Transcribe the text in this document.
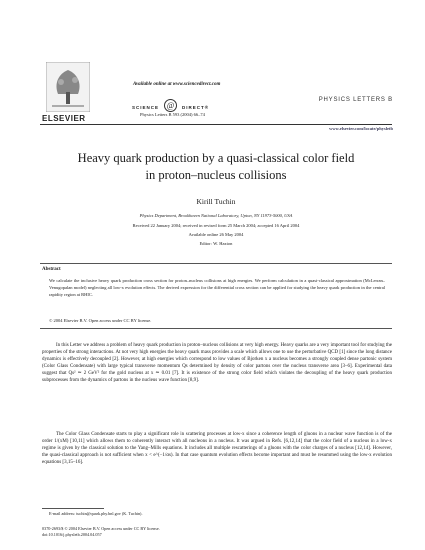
ELSEVIER
Available online at www.sciencedirect.com
SCIENCE @ DIRECT®
Physics Letters B 593 (2004) 66–74
PHYSICS LETTERS B
www.elsevier.com/locate/physletb
Heavy quark production by a quasi-classical color field
in proton–nucleus collisions
Kirill Tuchin
Physics Department, Brookhaven National Laboratory, Upton, NY 11973-5000, USA
Received 22 January 2004; received in revised form 25 March 2004; accepted 16 April 2004
Available online 26 May 2004
Editor: W. Haxton
Abstract
We calculate the inclusive heavy quark production cross section for proton–nucleus collisions at high energies. We perform calculation in a quasi-classical approximation (McLerran–Venugopalan model) neglecting all low-x evolution effects. The derived expression for the differential cross section can be applied for studying the heavy quark production in the central rapidity region at RHIC.
© 2004 Elsevier B.V. Open access under CC BY license.
In this Letter we address a problem of heavy quark production in proton–nucleus collisions at very high energy. Heavy quarks are a very important tool for studying the properties of the strong interactions. At not very high energies the heavy quark mass provides a scale which allows one to use the perturbative QCD [1] since the long distance dynamics is effectively decoupled [2]. However, at high energies which correspond to low values of Bjorken x a nucleus becomes a strongly coupled dense partonic system (Color Glass Condensate) with large typical transverse momentum Qs determined by density of color partons over the nucleus transverse area [3–6]. Experimental data suggest that Qs² ≃ 2 GeV² for the gold nucleus at x ≃ 0.01 [7]. It is existence of the strong color field which violates the decoupling of the heavy quark production subprocesses from the dynamics of partons in the nucleus wave function [8,9].
The Color Glass Condensate starts to play a significant role in scattering processes at low-x since a coherence length of gluons in a nuclear wave function is of the order 1/(xM) [10,11] which allows them to coherently interact with all nucleons in a nucleus. It was argued in Refs. [6,12,14] that the color field of a nucleus in a low-x regime is given by the classical solution to the Yang–Mills equations. It includes all multiple rescatterings of a gluons with the color charges of a nucleus [12,14]. However, the quasi-classical approach is not sufficient when x < e^(−1/αs). In that case quantum evolution effects become important and must be resummed using the low-x evolution equations [3,15–16].
E-mail address: tuchin@quark.phy.bnl.gov (K. Tuchin).
0370-2693/$ © 2004 Elsevier B.V. Open access under CC BY license.
doi:10.1016/j.physletb.2004.04.057
